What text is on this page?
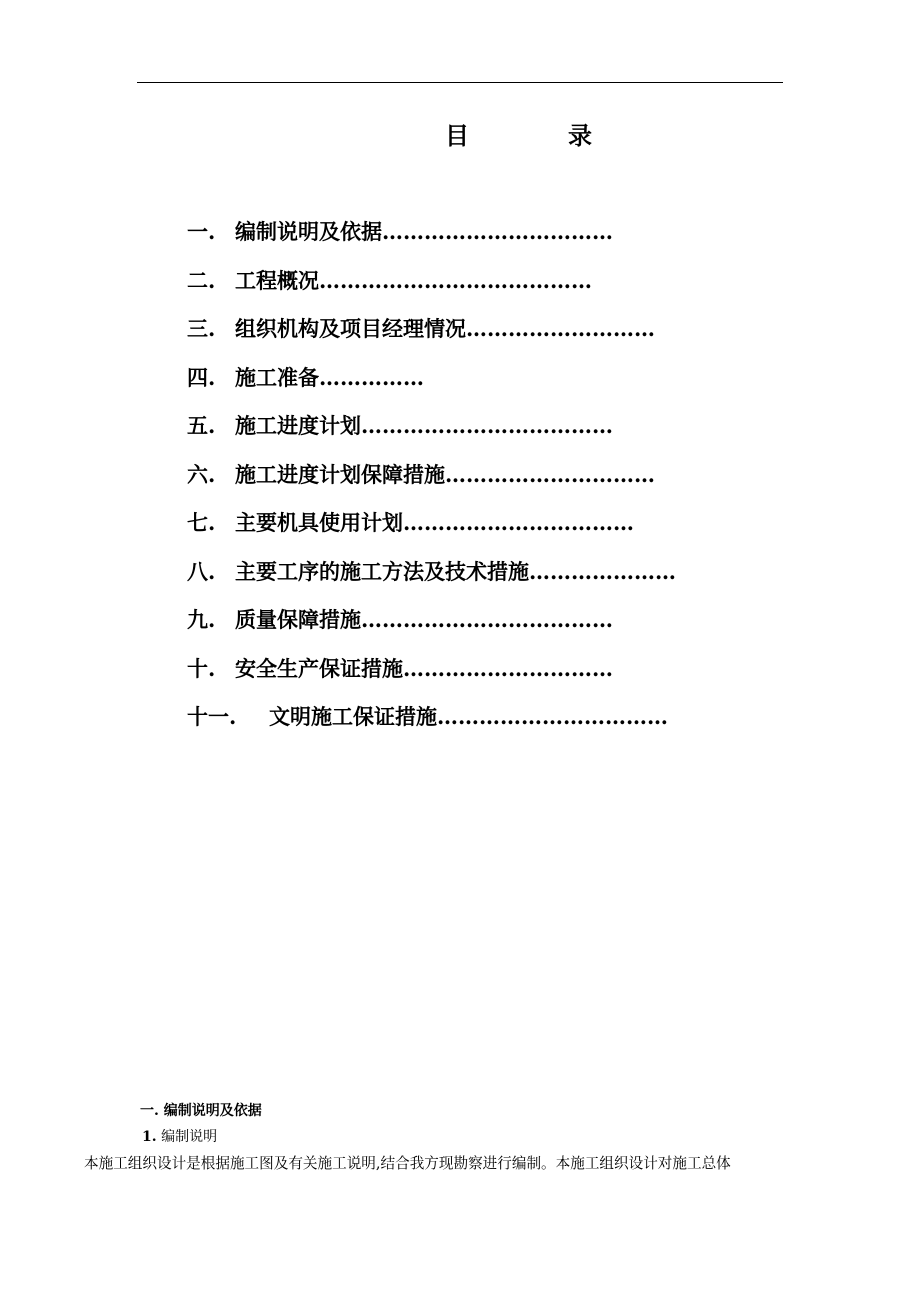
目	录
一. 编制说明及依据 ……………………………
二. 工程概况 …………………………………
三. 组织机构及项目经理情况 ………………………
四. 施工准备 ……………
五. 施工进度计划 ………………………………
六. 施工进度计划保障措施 …………………………
七. 主要机具使用计划 ……………………………
八. 主要工序的施工方法及技术措施 …………………
九. 质量保障措施 ………………………………
十. 安全生产保证措施 …………………………
十一.	文明施工保证措施 ……………………………
一. 编制说明及依据
1. 编制说明
本施工组织设计是根据施工图及有关施工说明,结合我方现勘察进行编制。本施工组织设计对施工总体
